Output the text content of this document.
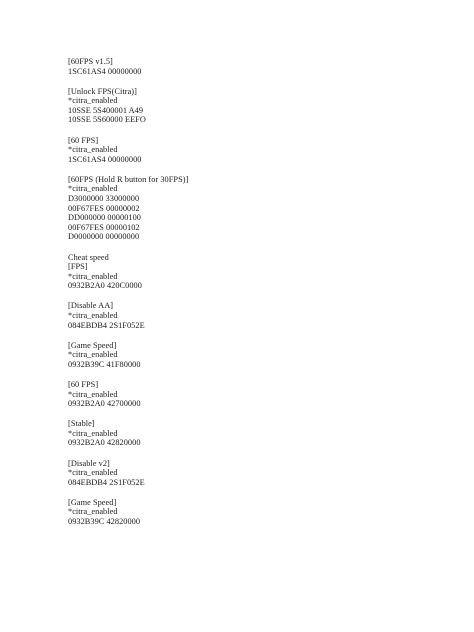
[60FPS v1.5]
1SC61AS4 00000000
[Unlock FPS(Citra)]
*citra_enabled
10SSE 5S400001 A49
10SSE 5S60000 EEFO
[60 FPS]
*citra_enabled
1SC61AS4 00000000
[60FPS (Hold R button for 30FPS)]
*citra_enabled
D3000000 33000000
00F67FES 00000002
DD000000 00000100
00F67FES 00000102
D0000000 00000000
Cheat speed
[FPS]
*citra_enabled
0932B2A0 420C0000
[Disable AA]
*citra_enabled
084EBDB4 2S1F052E
[Game Speed]
*citra_enabled
0932B39C 41F80000
[60 FPS]
*citra_enabled
0932B2A0 42700000
[Stable]
*citra_enabled
0932B2A0 42820000
[Disable v2]
*citra_enabled
084EBDB4 2S1F052E
[Game Speed]
*citra_enabled
0932B39C 42820000
